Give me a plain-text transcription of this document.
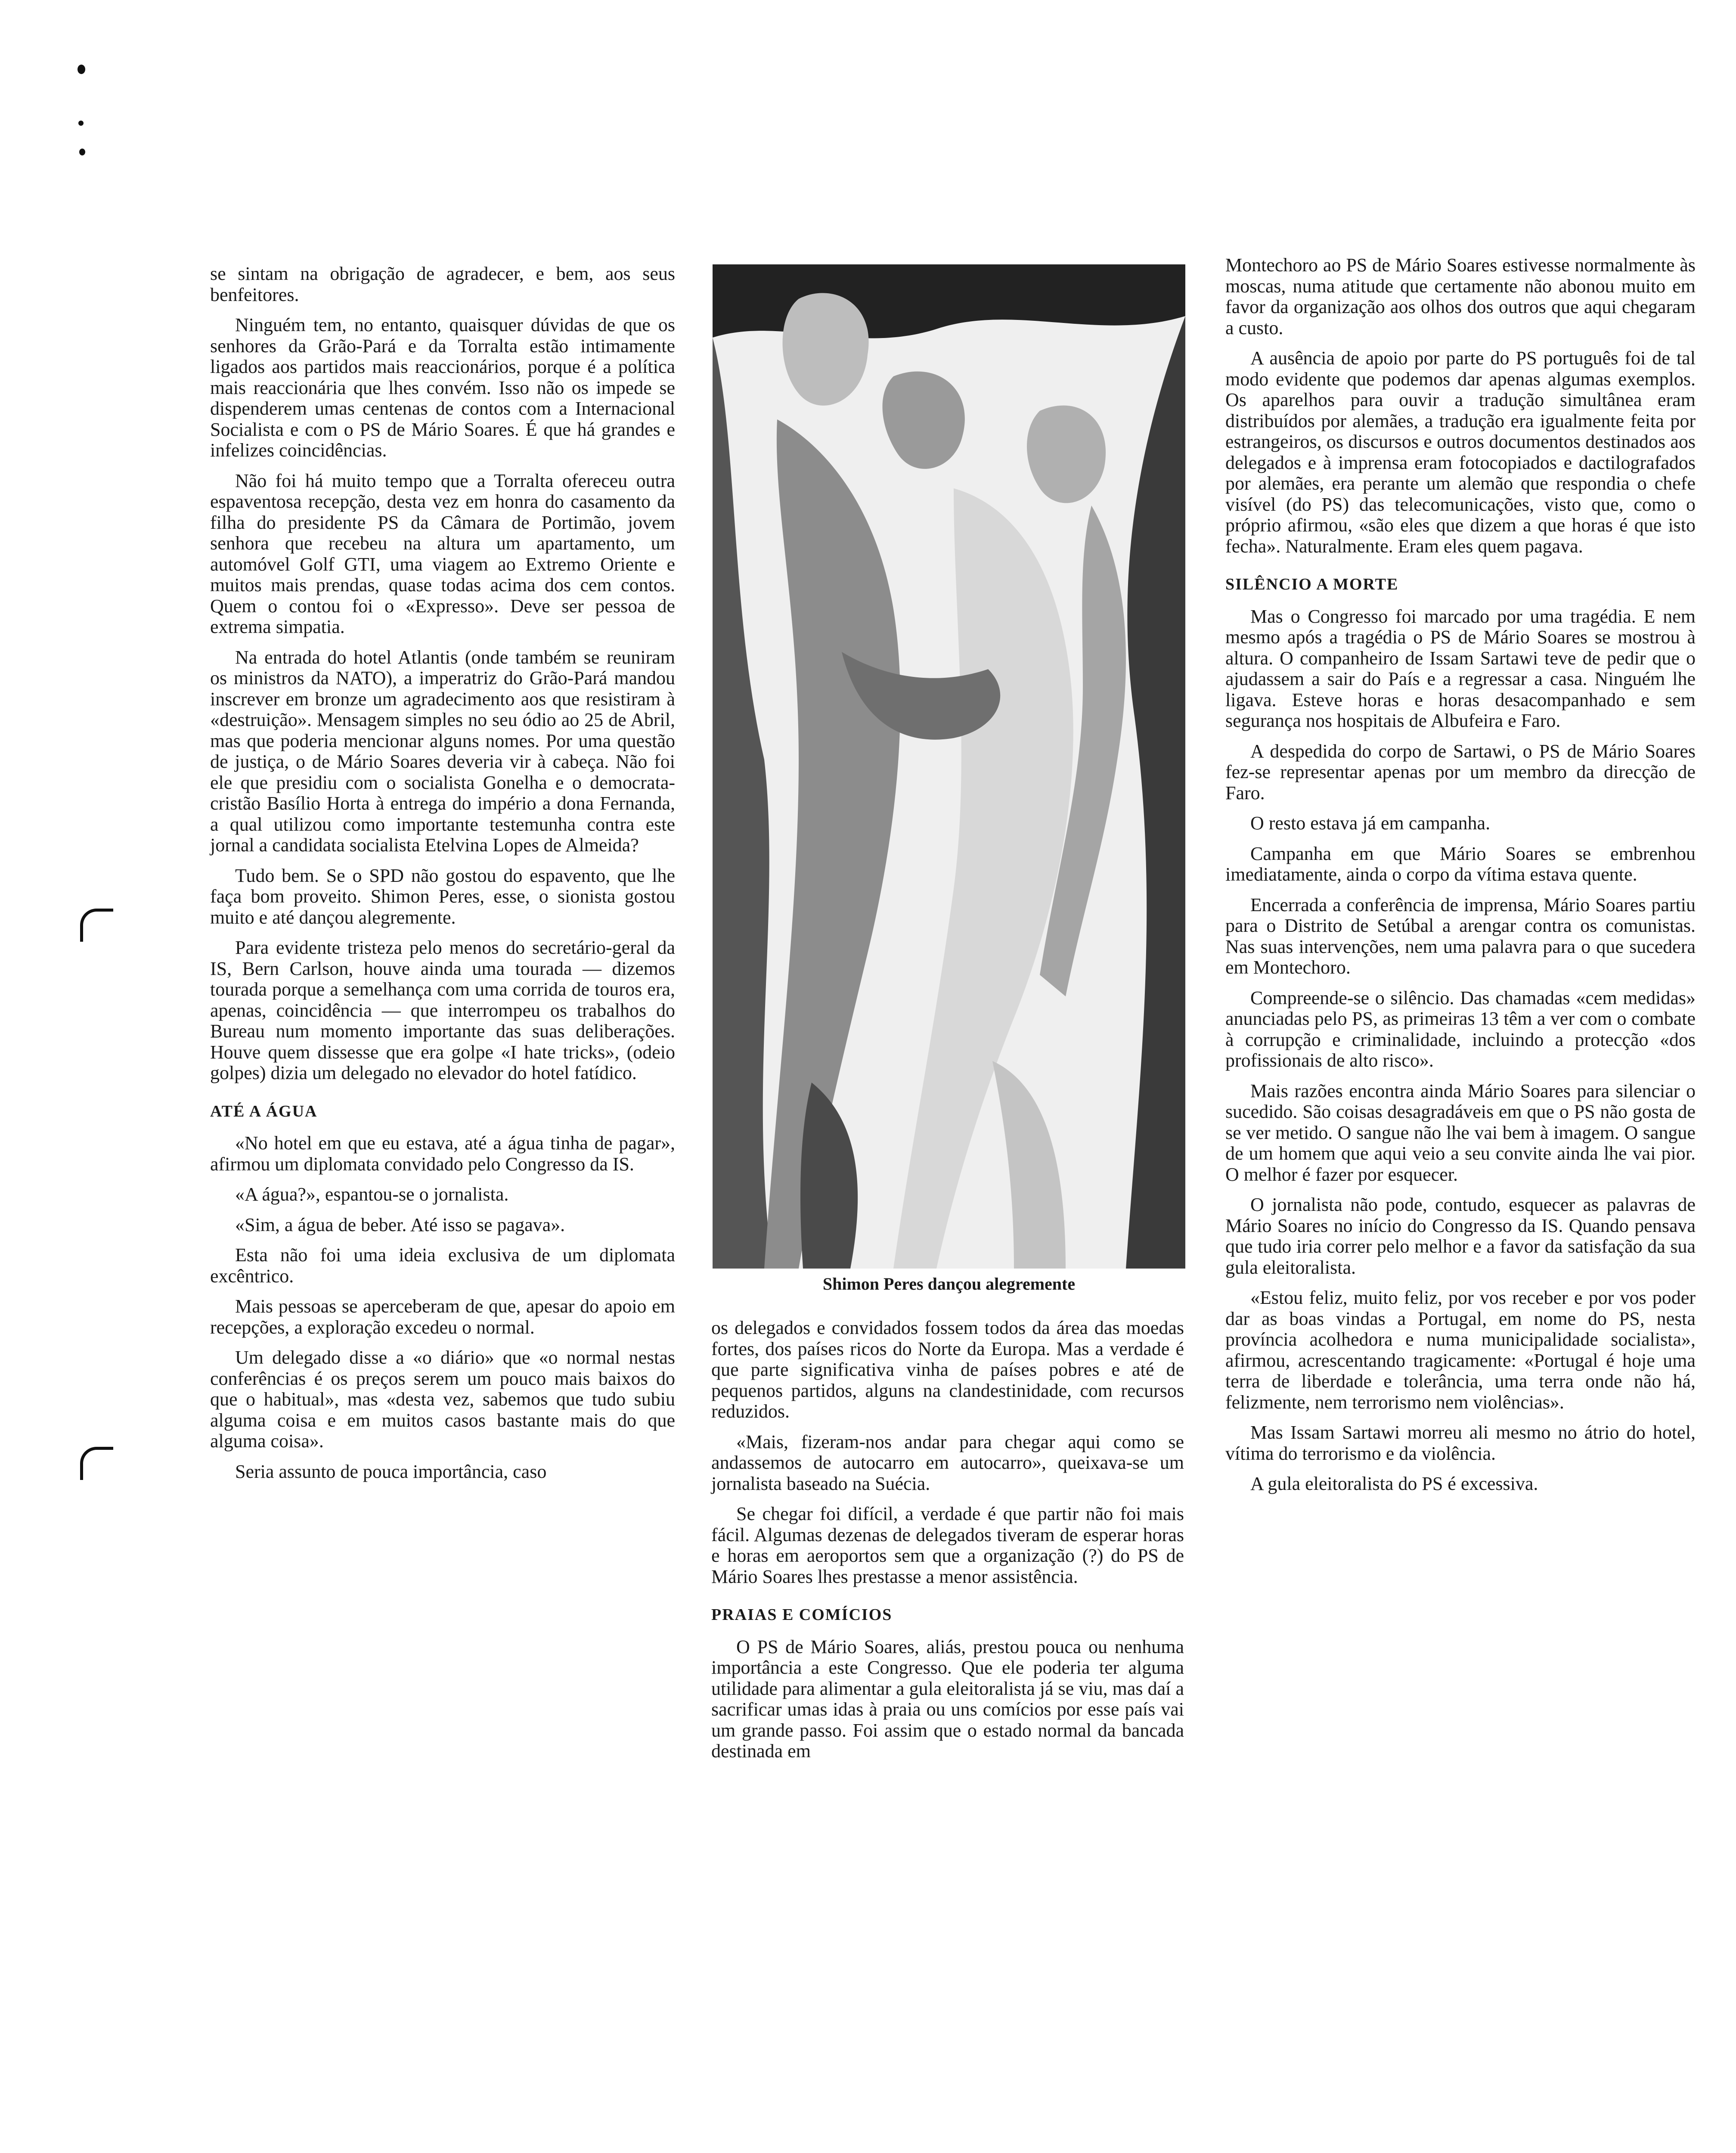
se sintam na obrigação de agradecer, e bem, aos seus benfeitores.

Ninguém tem, no entanto, quaisquer dúvidas de que os senhores da Grão-Pará e da Torralta estão intimamente ligados aos partidos mais reaccionários, porque é a política mais reaccionária que lhes convém. Isso não os impede se dispenderem umas centenas de contos com a Internacional Socialista e com o PS de Mário Soares. É que há grandes e infelizes coincidências.

Não foi há muito tempo que a Torralta ofereceu outra espaventosa recepção, desta vez em honra do casamento da filha do presidente PS da Câmara de Portimão, jovem senhora que recebeu na altura um apartamento, um automóvel Golf GTI, uma viagem ao Extremo Oriente e muitos mais prendas, quase todas acima dos cem contos. Quem o contou foi o «Expresso». Deve ser pessoa de extrema simpatia.

Na entrada do hotel Atlantis (onde também se reuniram os ministros da NATO), a imperatriz do Grão-Pará mandou inscrever em bronze um agradecimento aos que resistiram à «destruição». Mensagem simples no seu ódio ao 25 de Abril, mas que poderia mencionar alguns nomes. Por uma questão de justiça, o de Mário Soares deveria vir à cabeça. Não foi ele que presidiu com o socialista Gonelha e o democrata-cristão Basílio Horta à entrega do império a dona Fernanda, a qual utilizou como importante testemunha contra este jornal a candidata socialista Etelvina Lopes de Almeida?

Tudo bem. Se o SPD não gostou do espavento, que lhe faça bom proveito. Shimon Peres, esse, o sionista gostou muito e até dançou alegremente.

Para evidente tristeza pelo menos do secretário-geral da IS, Bern Carlson, houve ainda uma tourada — dizemos tourada porque a semelhança com uma corrida de touros era, apenas, coincidência — que interrompeu os trabalhos do Bureau num momento importante das suas deliberações. Houve quem dissesse que era golpe «I hate tricks», (odeio golpes) dizia um delegado no elevador do hotel fatídico.

ATÉ A ÁGUA

«No hotel em que eu estava, até a água tinha de pagar», afirmou um diplomata convidado pelo Congresso da IS.

«A água?», espantou-se o jornalista.

«Sim, a água de beber. Até isso se pagava».

Esta não foi uma ideia exclusiva de um diplomata excêntrico.

Mais pessoas se aperceberam de que, apesar do apoio em recepções, a exploração excedeu o normal.

Um delegado disse a «o diário» que «o normal nestas conferências é os preços serem um pouco mais baixos do que o habitual», mas «desta vez, sabemos que tudo subiu alguma coisa e em muitos casos bastante mais do que alguma coisa».

Seria assunto de pouca importância, caso

Shimon Peres dançou alegremente

os delegados e convidados fossem todos da área das moedas fortes, dos países ricos do Norte da Europa. Mas a verdade é que parte significativa vinha de países pobres e até de pequenos partidos, alguns na clandestinidade, com recursos reduzidos.

«Mais, fizeram-nos andar para chegar aqui como se andassemos de autocarro em autocarro», queixava-se um jornalista baseado na Suécia.

Se chegar foi difícil, a verdade é que partir não foi mais fácil. Algumas dezenas de delegados tiveram de esperar horas e horas em aeroportos sem que a organização (?) do PS de Mário Soares lhes prestasse a menor assistência.

PRAIAS E COMÍCIOS

O PS de Mário Soares, aliás, prestou pouca ou nenhuma importância a este Congresso. Que ele poderia ter alguma utilidade para alimentar a gula eleitoralista já se viu, mas daí a sacrificar umas idas à praia ou uns comícios por esse país vai um grande passo. Foi assim que o estado normal da bancada destinada em

Montechoro ao PS de Mário Soares estivesse normalmente às moscas, numa atitude que certamente não abonou muito em favor da organização aos olhos dos outros que aqui chegaram a custo.

A ausência de apoio por parte do PS português foi de tal modo evidente que podemos dar apenas algumas exemplos. Os aparelhos para ouvir a tradução simultânea eram distribuídos por alemães, a tradução era igualmente feita por estrangeiros, os discursos e outros documentos destinados aos delegados e à imprensa eram fotocopiados e dactilografados por alemães, era perante um alemão que respondia o chefe visível (do PS) das telecomunicações, visto que, como o próprio afirmou, «são eles que dizem a que horas é que isto fecha». Naturalmente. Eram eles quem pagava.

SILÊNCIO A MORTE

Mas o Congresso foi marcado por uma tragédia. E nem mesmo após a tragédia o PS de Mário Soares se mostrou à altura. O companheiro de Issam Sartawi teve de pedir que o ajudassem a sair do País e a regressar a casa. Ninguém lhe ligava. Esteve horas e horas desacompanhado e sem segurança nos hospitais de Albufeira e Faro.

A despedida do corpo de Sartawi, o PS de Mário Soares fez-se representar apenas por um membro da direcção de Faro.

O resto estava já em campanha.

Campanha em que Mário Soares se embrenhou imediatamente, ainda o corpo da vítima estava quente.

Encerrada a conferência de imprensa, Mário Soares partiu para o Distrito de Setúbal a arengar contra os comunistas. Nas suas intervenções, nem uma palavra para o que sucedera em Montechoro.

Compreende-se o silêncio. Das chamadas «cem medidas» anunciadas pelo PS, as primeiras 13 têm a ver com o combate à corrupção e criminalidade, incluindo a protecção «dos profissionais de alto risco».

Mais razões encontra ainda Mário Soares para silenciar o sucedido. São coisas desagradáveis em que o PS não gosta de se ver metido. O sangue não lhe vai bem à imagem. O sangue de um homem que aqui veio a seu convite ainda lhe vai pior. O melhor é fazer por esquecer.

O jornalista não pode, contudo, esquecer as palavras de Mário Soares no início do Congresso da IS. Quando pensava que tudo iria correr pelo melhor e a favor da satisfação da sua gula eleitoralista.

«Estou feliz, muito feliz, por vos receber e por vos poder dar as boas vindas a Portugal, em nome do PS, nesta província acolhedora e numa municipalidade socialista», afirmou, acrescentando tragicamente: «Portugal é hoje uma terra de liberdade e tolerância, uma terra onde não há, felizmente, nem terrorismo nem violências».

Mas Issam Sartawi morreu ali mesmo no átrio do hotel, vítima do terrorismo e da violência.

A gula eleitoralista do PS é excessiva.
